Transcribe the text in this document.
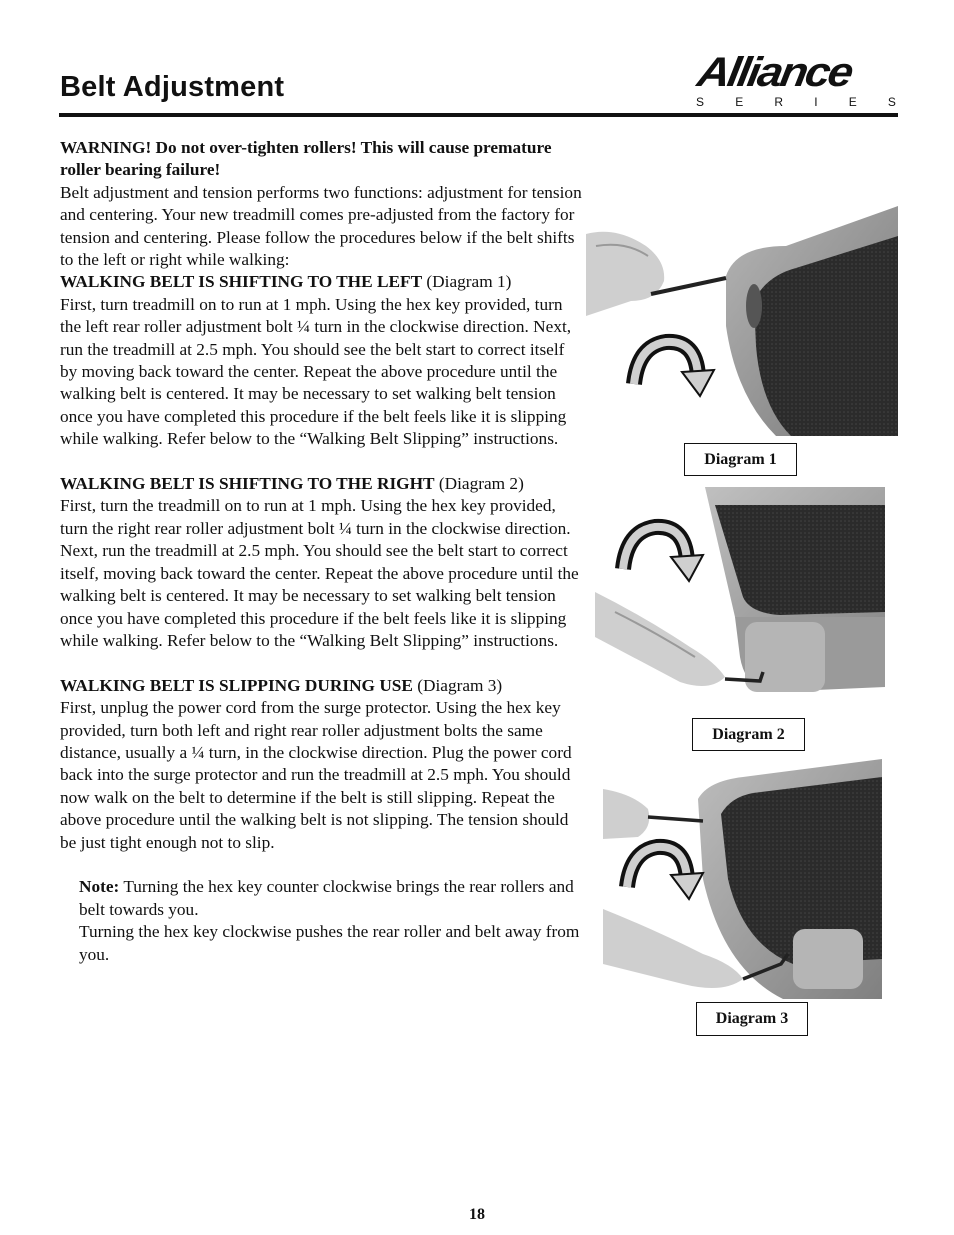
Belt Adjustment	Alliance
S	E	R	I	E	S

WARNING! Do not over-tighten rollers! This will cause premature roller bearing failure!

Belt adjustment and tension performs two functions: adjustment for tension and centering. Your new treadmill comes pre-adjusted from the factory for tension and centering. Please follow the procedures below if the belt shifts to the left or right while walking:

WALKING BELT IS SHIFTING TO THE LEFT (Diagram 1)
First, turn treadmill on to run at 1 mph. Using the hex key provided, turn the left rear roller adjustment bolt ¼ turn in the clockwise direction. Next, run the treadmill at 2.5 mph. You should see the belt start to correct itself by moving back toward the center. Repeat the above procedure until the walking belt is centered. It may be necessary to set walking belt tension once you have completed this procedure if the belt feels like it is slipping while walking. Refer below to the “Walking Belt Slipping” instructions.

WALKING BELT IS SHIFTING TO THE RIGHT (Diagram 2)
First, turn the treadmill on to run at 1 mph. Using the hex key provided, turn the right rear roller adjustment bolt ¼ turn in the clockwise direction. Next, run the treadmill at 2.5 mph. You should see the belt start to correct itself, moving back toward the center. Repeat the above procedure until the walking belt is centered. It may be necessary to set walking belt tension once you have completed this procedure if the belt feels like it is slipping while walking. Refer below to the “Walking Belt Slipping” instructions.

WALKING BELT IS SLIPPING DURING USE (Diagram 3)
First, unplug the power cord from the surge protector. Using the hex key provided, turn both left and right rear roller adjustment bolts the same distance, usually a ¼ turn, in the clockwise direction. Plug the power cord back into the surge protector and run the treadmill at 2.5 mph. You should now walk on the belt to determine if the belt is still slipping. Repeat the above procedure until the walking belt is not slipping. The tension should be just tight enough not to slip.

Note: Turning the hex key counter clockwise brings the rear rollers and belt towards you.
Turning the hex key clockwise pushes the rear roller and belt away from you.

Diagram 1
Diagram 2
Diagram 3
18
